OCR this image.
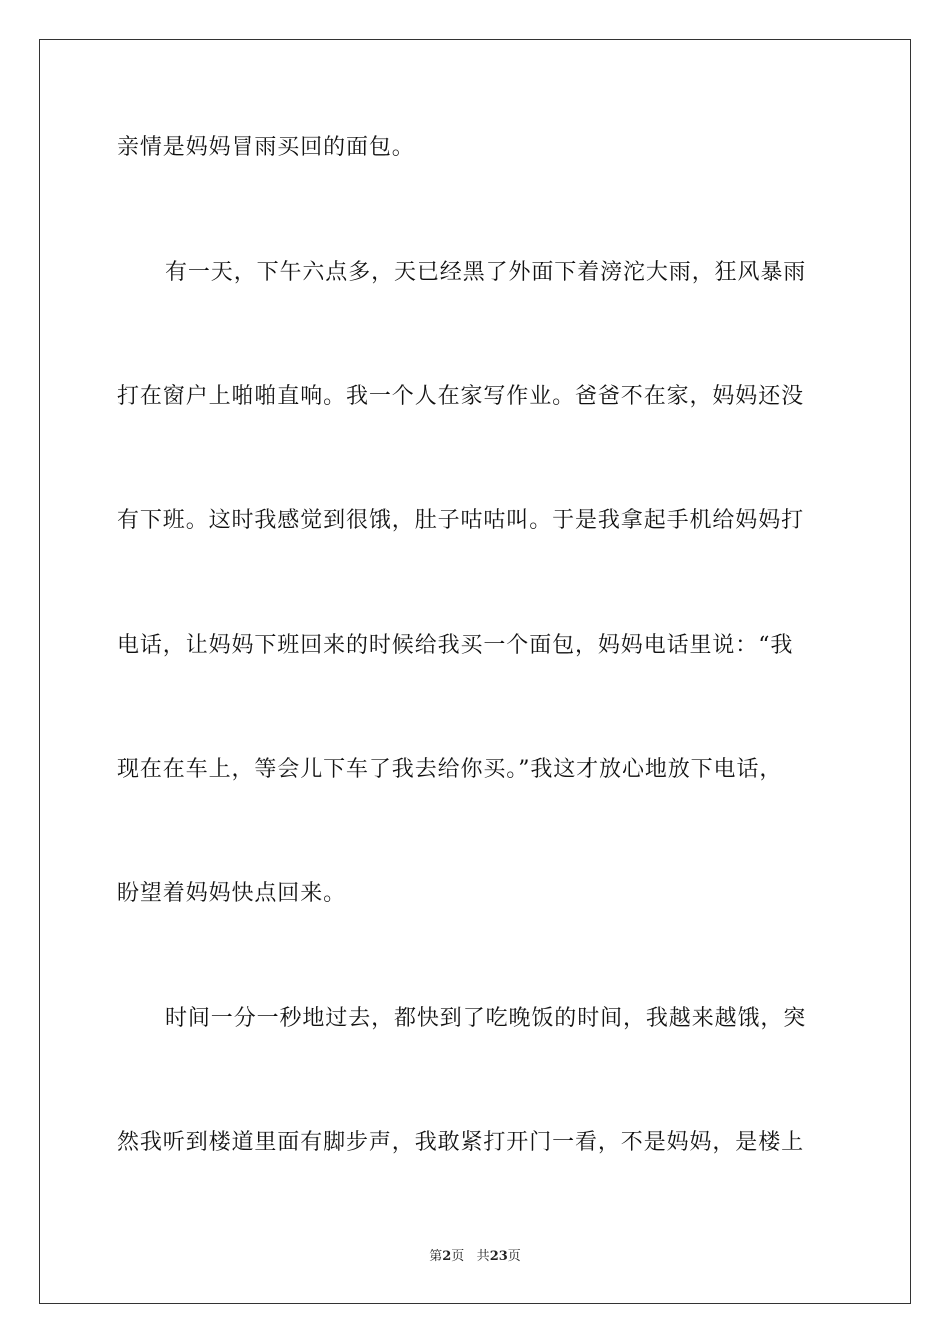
亲情是妈妈冒雨买回的面包。
有一天，下午六点多，天已经黑了外面下着滂沱大雨，狂风暴雨
打在窗户上啪啪直响。我一个人在家写作业。爸爸不在家，妈妈还没
有下班。这时我感觉到很饿，肚子咕咕叫。于是我拿起手机给妈妈打
电话，让妈妈下班回来的时候给我买一个面包，妈妈电话里说：“我
现在在车上，等会儿下车了我去给你买。”我这才放心地放下电话，
盼望着妈妈快点回来。
时间一分一秒地过去，都快到了吃晚饭的时间，我越来越饿，突
然我听到楼道里面有脚步声，我敢紧打开门一看，不是妈妈，是楼上
第2页 共23页
